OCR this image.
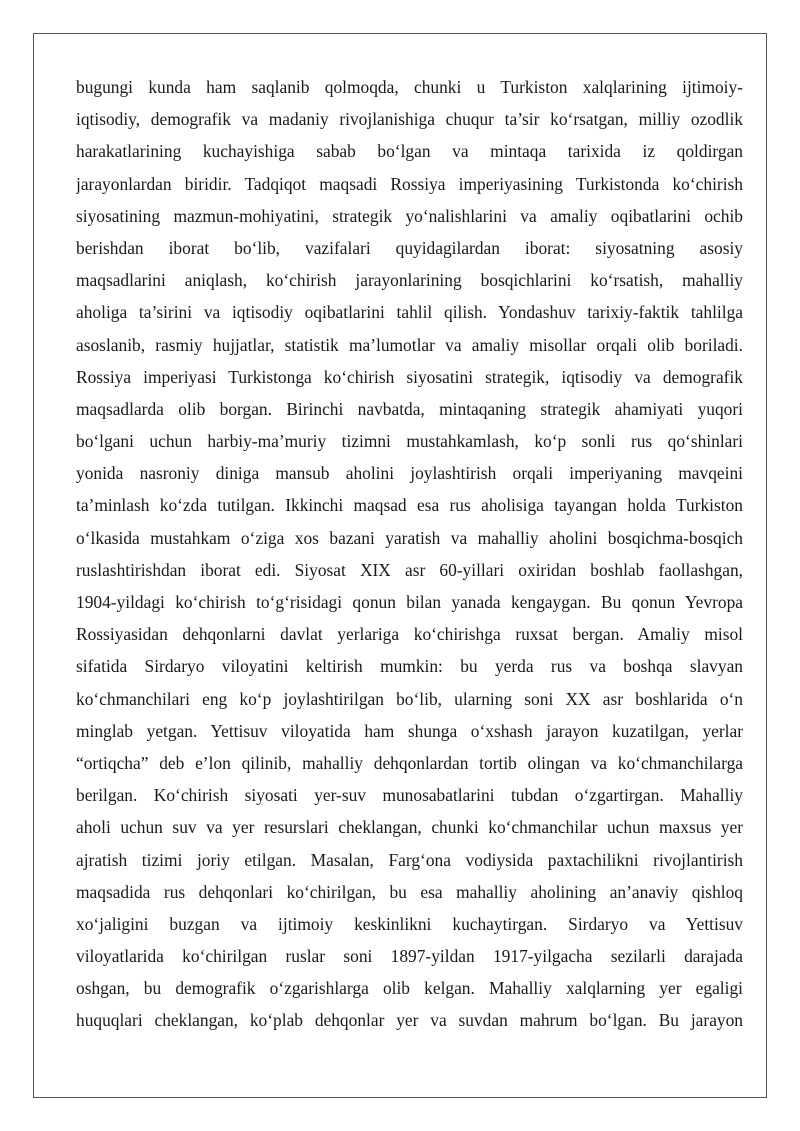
bugungi kunda ham saqlanib qolmoqda, chunki u Turkiston xalqlarining ijtimoiy-
iqtisodiy, demografik va madaniy rivojlanishiga chuqur ta’sir ko‘rsatgan, milliy ozodlik
harakatlarining kuchayishiga sabab bo‘lgan va mintaqa tarixida iz qoldirgan
jarayonlardan biridir. Tadqiqot maqsadi Rossiya imperiyasining Turkistonda ko‘chirish
siyosatining mazmun-mohiyatini, strategik yo‘nalishlarini va amaliy oqibatlarini ochib
berishdan iborat bo‘lib, vazifalari quyidagilardan iborat: siyosatning asosiy
maqsadlarini aniqlash, ko‘chirish jarayonlarining bosqichlarini ko‘rsatish, mahalliy
aholiga ta’sirini va iqtisodiy oqibatlarini tahlil qilish. Yondashuv tarixiy-faktik tahlilga
asoslanib, rasmiy hujjatlar, statistik ma’lumotlar va amaliy misollar orqali olib boriladi.
Rossiya imperiyasi Turkistonga ko‘chirish siyosatini strategik, iqtisodiy va demografik
maqsadlarda olib borgan. Birinchi navbatda, mintaqaning strategik ahamiyati yuqori
bo‘lgani uchun harbiy-ma’muriy tizimni mustahkamlash, ko‘p sonli rus qo‘shinlari
yonida nasroniy diniga mansub aholini joylashtirish orqali imperiyaning mavqeini
ta’minlash ko‘zda tutilgan. Ikkinchi maqsad esa rus aholisiga tayangan holda Turkiston
o‘lkasida mustahkam o‘ziga xos bazani yaratish va mahalliy aholini bosqichma-bosqich
ruslashtirishdan iborat edi. Siyosat XIX asr 60-yillari oxiridan boshlab faollashgan,
1904-yildagi ko‘chirish to‘g‘risidagi qonun bilan yanada kengaygan. Bu qonun Yevropa
Rossiyasidan dehqonlarni davlat yerlariga ko‘chirishga ruxsat bergan. Amaliy misol
sifatida Sirdaryo viloyatini keltirish mumkin: bu yerda rus va boshqa slavyan
ko‘chmanchilari eng ko‘p joylashtirilgan bo‘lib, ularning soni XX asr boshlarida o‘n
minglab yetgan. Yettisuv viloyatida ham shunga o‘xshash jarayon kuzatilgan, yerlar
“ortiqcha” deb e’lon qilinib, mahalliy dehqonlardan tortib olingan va ko‘chmanchilarga
berilgan. Ko‘chirish siyosati yer-suv munosabatlarini tubdan o‘zgartirgan. Mahalliy
aholi uchun suv va yer resurslari cheklangan, chunki ko‘chmanchilar uchun maxsus yer
ajratish tizimi joriy etilgan. Masalan, Farg‘ona vodiysida paxtachilikni rivojlantirish
maqsadida rus dehqonlari ko‘chirilgan, bu esa mahalliy aholining an’anaviy qishloq
xo‘jaligini buzgan va ijtimoiy keskinlikni kuchaytirgan. Sirdaryo va Yettisuv
viloyatlarida ko‘chirilgan ruslar soni 1897-yildan 1917-yilgacha sezilarli darajada
oshgan, bu demografik o‘zgarishlarga olib kelgan. Mahalliy xalqlarning yer egaligi
huquqlari cheklangan, ko‘plab dehqonlar yer va suvdan mahrum bo‘lgan. Bu jarayon
